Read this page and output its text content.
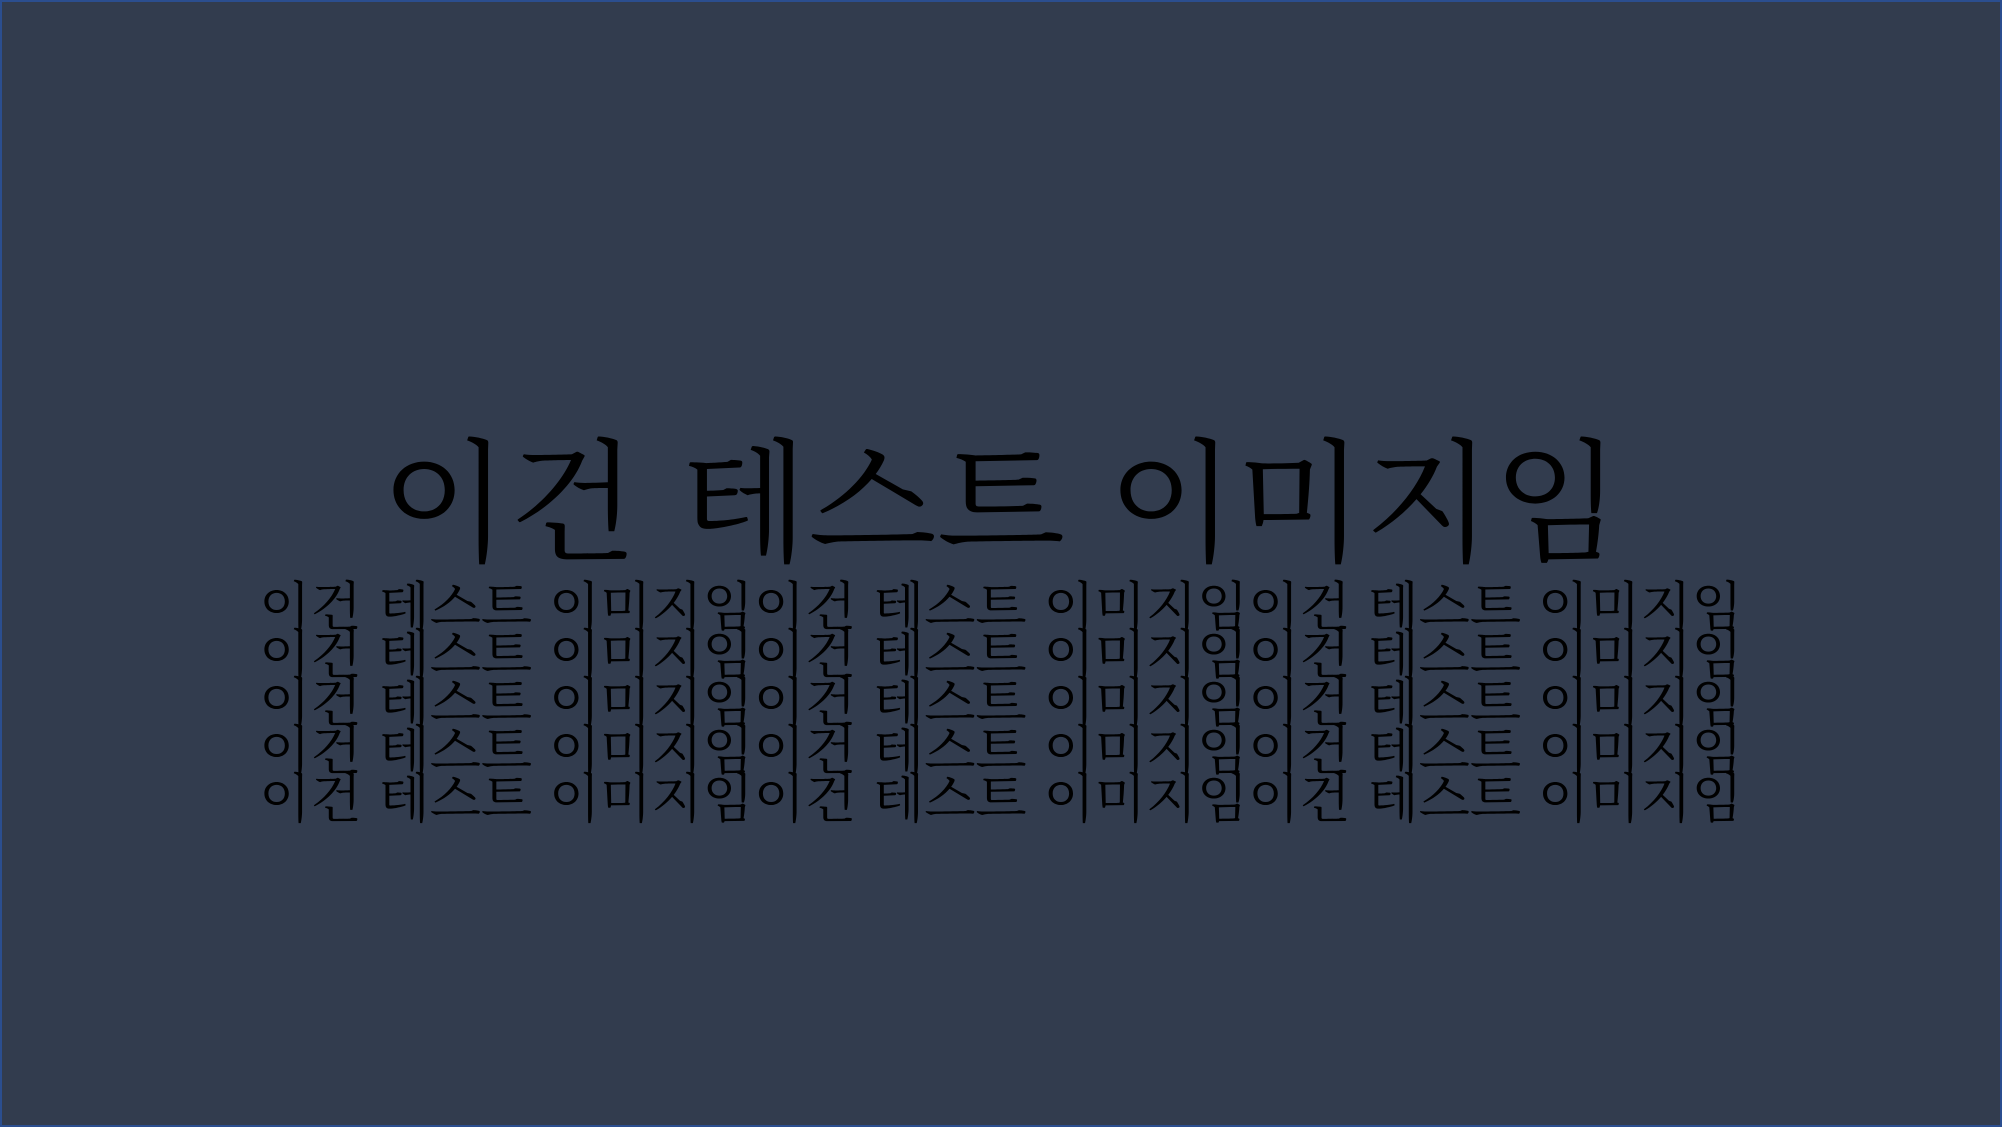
이건 테스트 이미지임

이건 테스트 이미지임이건 테스트 이미지임이건 테스트 이미지임

이건 테스트 이미지임이건 테스트 이미지임이건 테스트 이미지임

이건 테스트 이미지임이건 테스트 이미지임이건 테스트 이미지임

이건 테스트 이미지임이건 테스트 이미지임이건 테스트 이미지임

이건 테스트 이미지임이건 테스트 이미지임이건 테스트 이미지임
